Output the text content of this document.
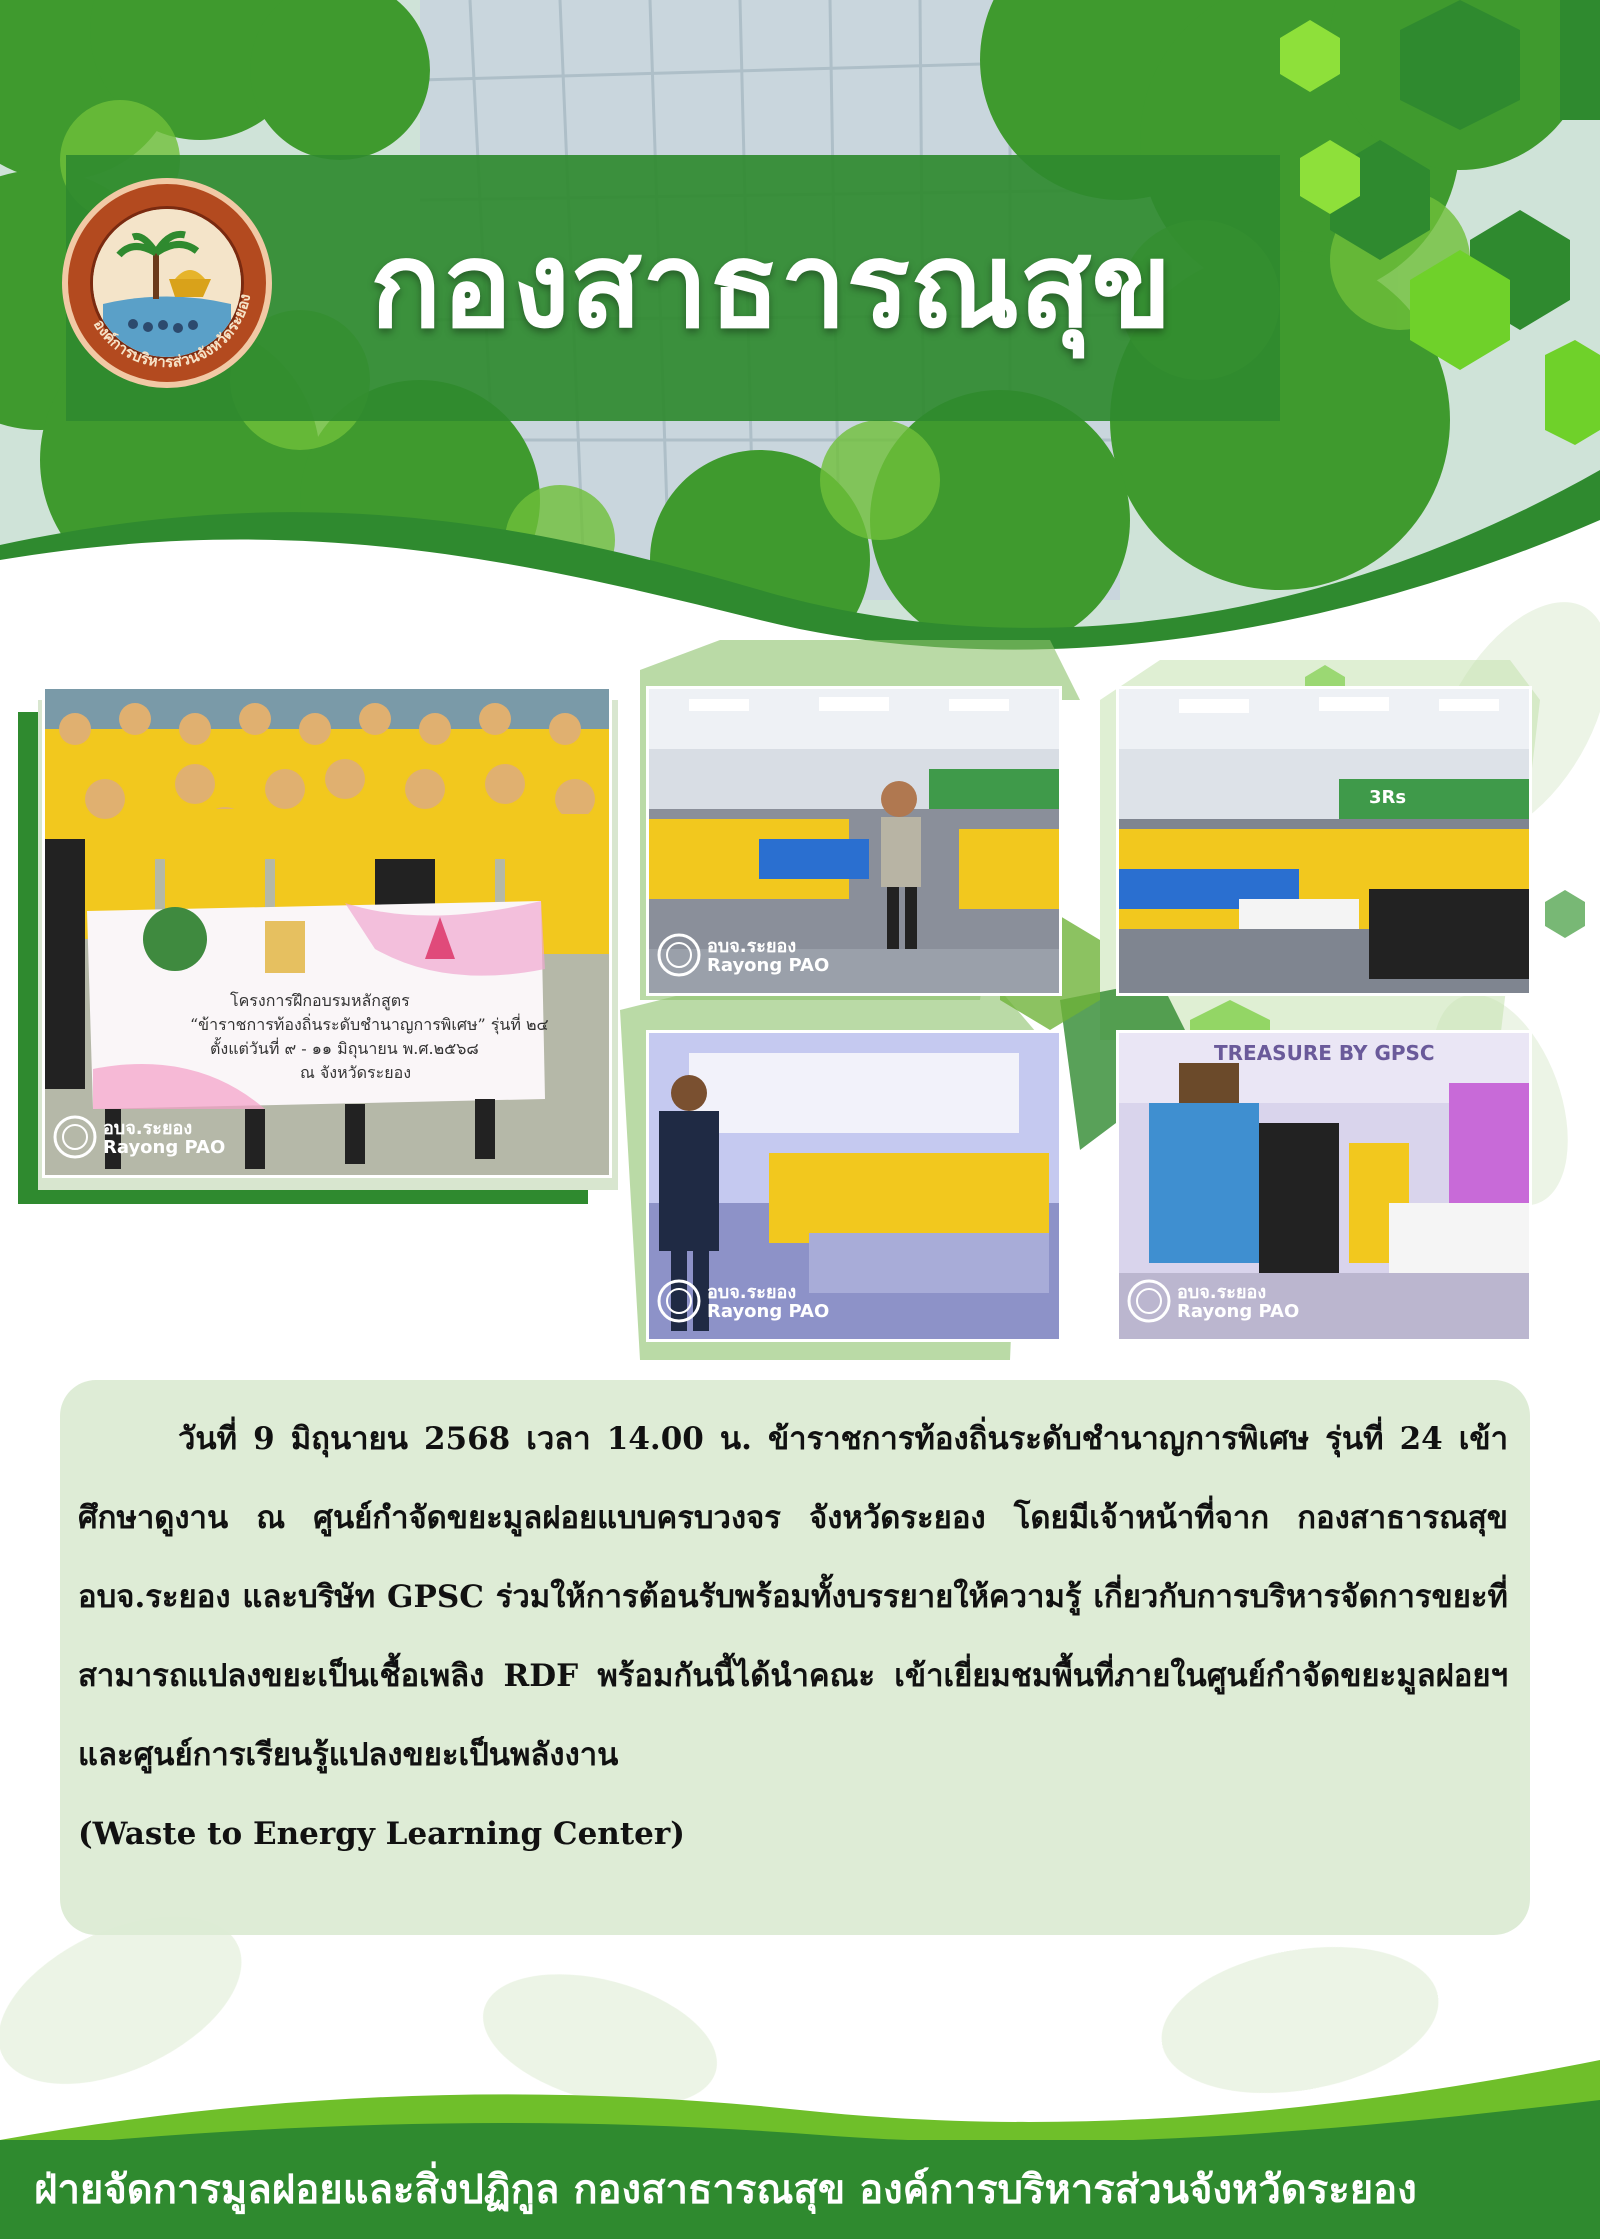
องค์การบริหารส่วนจังหวัดระยอง กองสาธารณสุข
โครงการฝึกอบรมหลักสูตร
“ข้าราชการท้องถิ่นระดับชำนาญการพิเศษ” รุ่นที่ ๒๔
ตั้งแต่วันที่ ๙ - ๑๑ มิถุนายน พ.ศ.๒๕๖๘
ณ จังหวัดระยอง
อบจ.ระยอง
Rayong PAO
อบจ.ระยอง
Rayong PAO
3Rs
อบจ.ระยอง
Rayong PAO
TREASURE BY GPSC
อบจ.ระยอง
Rayong PAO

วันที่ 9 มิถุนายน 2568 เวลา 14.00 น. ข้าราชการท้องถิ่นระดับชำนาญการพิเศษ รุ่นที่ 24 เข้าศึกษาดูงาน ณ ศูนย์กำจัดขยะมูลฝอยแบบครบวงจร จังหวัดระยอง โดยมีเจ้าหน้าที่จาก กองสาธารณสุข อบจ.ระยอง และบริษัท GPSC ร่วมให้การต้อนรับพร้อมทั้งบรรยายให้ความรู้ เกี่ยวกับการบริหารจัดการขยะที่สามารถแปลงขยะเป็นเชื้อเพลิง RDF พร้อมกันนี้ได้นำคณะ เข้าเยี่ยมชมพื้นที่ภายในศูนย์กำจัดขยะมูลฝอยฯ และศูนย์การเรียนรู้แปลงขยะเป็นพลังงาน

(Waste to Energy Learning Center)
ฝ่ายจัดการมูลฝอยและสิ่งปฏิกูล กองสาธารณสุข องค์การบริหารส่วนจังหวัดระยอง
